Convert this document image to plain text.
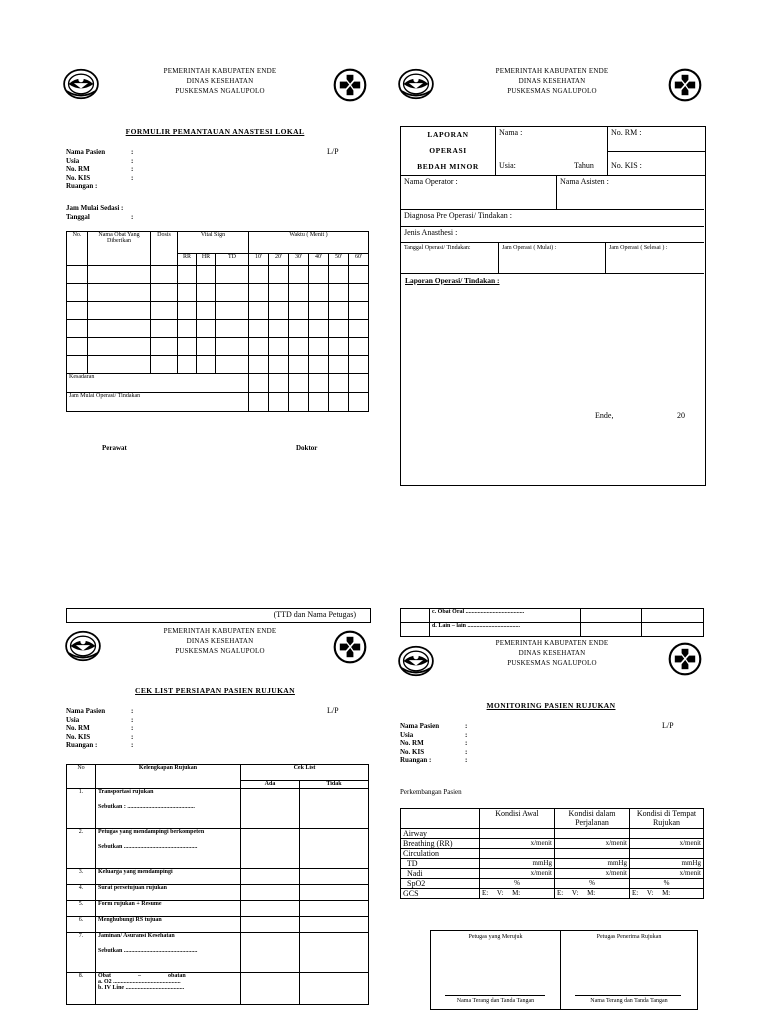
PEMERINTAH KABUPATEN ENDE
DINAS KESEHATAN
PUSKESMAS NGALUPOLO
FORMULIR PEMANTAUAN ANASTESI LOKAL
Nama Pasien
Usia
No. RM
No. KIS
Ruangan :
:
:
:
:
L/P
Jam Mulai Sedasi :
Tanggal	:
No.	Nama Obat Yang Diberikan	Dosis	Vital Sign			Waktu ( Menit )					
			RR	HR	TD	10'	20'	30'	40'	50'	60'

Kesadaran											
Jam Mulai Operasi/ Tindakan											
Perawat	Doktor
PEMERINTAH KABUPATEN ENDE
DINAS KESEHATAN
PUSKESMAS NGALUPOLO
LAPORAN
OPERASI
BEDAH MINOR
Nama :
Usia:	Tahun
No. RM :
No. KIS :
Nama Operator :	Nama Asisten :
Diagnosa Pre Operasi/ Tindakan :
Jenis Anasthesi :
Tanggal Operasi/ Tindakan:	Jam Operasi ( Mulai) :	Jam Operasi ( Selesai ) :
Laporan Operasi/ Tindakan :
Ende,	20
(TTD dan Nama Petugas)
PEMERINTAH KABUPATEN ENDE
DINAS KESEHATAN
PUSKESMAS NGALUPOLO
CEK LIST PERSIAPAN PASIEN RUJUKAN
Nama Pasien
Usia
No. RM
No. KIS
Ruangan :
:
:
:
:
:
L/P
No	Kelengkapan Rujukan	Cek List	
		Ada	Tidak
1.	Transportasi rujukan
Sebutkan : .............................................		

2.	Petugas yang mendampingi berkompeten
Sebutkan .................................................		

3.	Keluarga yang mendampingi		
4.	Surat persetujuan rujukan		
5.	Form rujukan + Resume		
6.	Menghubungi RS tujuan		
7.	Jaminan/ Asuransi Kesehatan
Sebutkan .................................................		

8.	Obat                  –                  obatan
a. O2 .............................................
b. IV Line .......................................		

	c. Obat Oral .......................................		
	d. Lain – lain ...................................		
PEMERINTAH KABUPATEN ENDE
DINAS KESEHATAN
PUSKESMAS NGALUPOLO
MONITORING PASIEN RUJUKAN
Nama Pasien
Usia
No. RM
No. KIS
Ruangan :
:
:
:
:
:
L/P
Perkembangan Pasien
	Kondisi Awal	Kondisi dalam Perjalanan	Kondisi di Tempat Rujukan
Airway			
Breathing (RR)	x/menit	x/menit	x/menit
Circulation			
TD	mmHg	mmHg	mmHg
Nadi	x/menit	x/menit	x/menit
SpO2	%	%	%
GCS	E:     V:     M:	E:     V:     M:	E:     V:     M:
Petugas yang Merujuk	Petugas Penerima Rujukan
Nama Terang dan Tanda Tangan	Nama Terang dan Tanda Tangan
